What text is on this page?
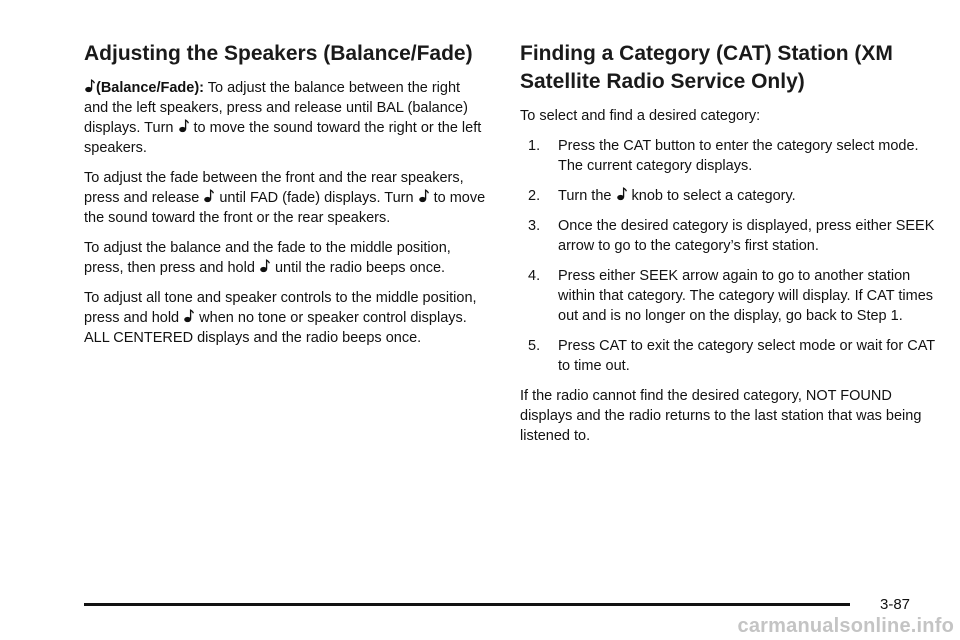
Adjusting the Speakers (Balance/Fade)

(Balance/Fade): To adjust the balance between the right and the left speakers, press and release until BAL (balance) displays. Turn
to move the sound toward the right or the left speakers.

To adjust the fade between the front and the rear speakers, press and release
until FAD (fade) displays. Turn
to move the sound toward the front or the rear speakers.

To adjust the balance and the fade to the middle position, press, then press and hold
until the radio beeps once.

To adjust all tone and speaker controls to the middle position, press and hold
when no tone or speaker control displays. ALL CENTERED displays and the radio beeps once.

Finding a Category (CAT) Station (XM Satellite Radio Service Only)

To select and find a desired category:

1. Press the CAT button to enter the category select mode. The current category displays.
2. Turn the
knob to select a category.
3. Once the desired category is displayed, press either SEEK arrow to go to the category’s first station.
4. Press either SEEK arrow again to go to another station within that category. The category will display. If CAT times out and is no longer on the display, go back to Step 1.
5. Press CAT to exit the category select mode or wait for CAT to time out.

If the radio cannot find the desired category, NOT FOUND displays and the radio returns to the last station that was being listened to.

3-87
carmanualsonline.info
